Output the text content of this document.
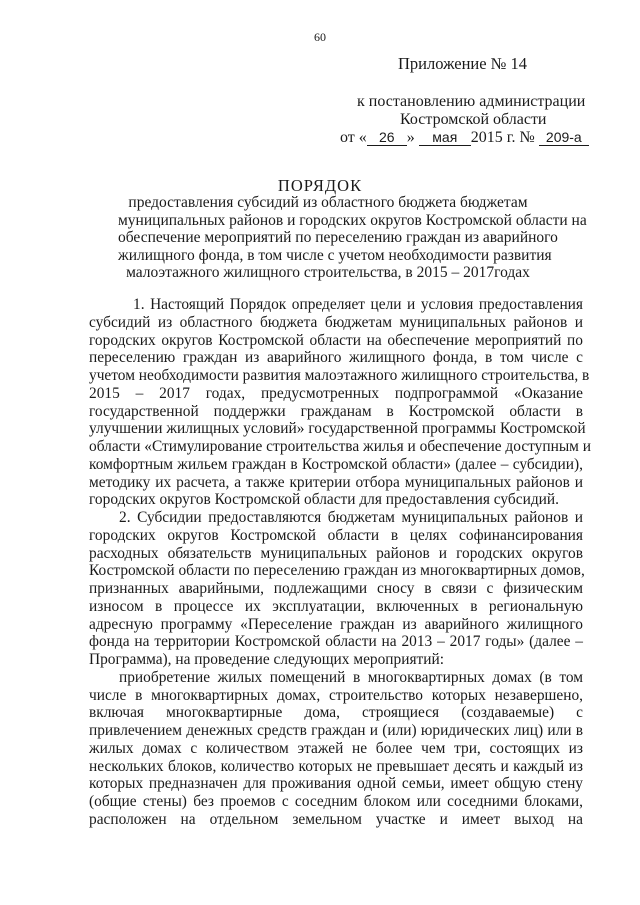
60
Приложение № 14
к постановлению администрации
Костромской области
от « 26 » мая 2015 г. № 209-а
ПОРЯДОК
предоставления субсидий из областного бюджета бюджетам
муниципальных районов и городских округов Костромской области на
обеспечение мероприятий по переселению граждан из аварийного
жилищного фонда, в том числе с учетом необходимости развития
малоэтажного жилищного строительства, в 2015 – 2017годах
1. Настоящий Порядок определяет цели и условия предоставления
субсидий из областного бюджета бюджетам муниципальных районов и
городских округов Костромской области на обеспечение мероприятий по
переселению граждан из аварийного жилищного фонда, в том числе с
учетом необходимости развития малоэтажного жилищного строительства, в
2015 – 2017 годах, предусмотренных подпрограммой «Оказание
государственной поддержки гражданам в Костромской области в
улучшении жилищных условий» государственной программы Костромской
области «Стимулирование строительства жилья и обеспечение доступным и
комфортным жильем граждан в Костромской области» (далее – субсидии),
методику их расчета, а также критерии отбора муниципальных районов и
городских округов Костромской области для предоставления субсидий.
2. Субсидии предоставляются бюджетам муниципальных районов и
городских округов Костромской области в целях софинансирования
расходных обязательств муниципальных районов и городских округов
Костромской области по переселению граждан из многоквартирных домов,
признанных аварийными, подлежащими сносу в связи с физическим
износом в процессе их эксплуатации, включенных в региональную
адресную программу «Переселение граждан из аварийного жилищного
фонда на территории Костромской области на 2013 – 2017 годы» (далее –
Программа), на проведение следующих мероприятий:
приобретение жилых помещений в многоквартирных домах (в том
числе в многоквартирных домах, строительство которых незавершено,
включая многоквартирные дома, строящиеся (создаваемые) с
привлечением денежных средств граждан и (или) юридических лиц) или в
жилых домах с количеством этажей не более чем три, состоящих из
нескольких блоков, количество которых не превышает десять и каждый из
которых предназначен для проживания одной семьи, имеет общую стену
(общие стены) без проемов с соседним блоком или соседними блоками,
расположен на отдельном земельном участке и имеет выход на
